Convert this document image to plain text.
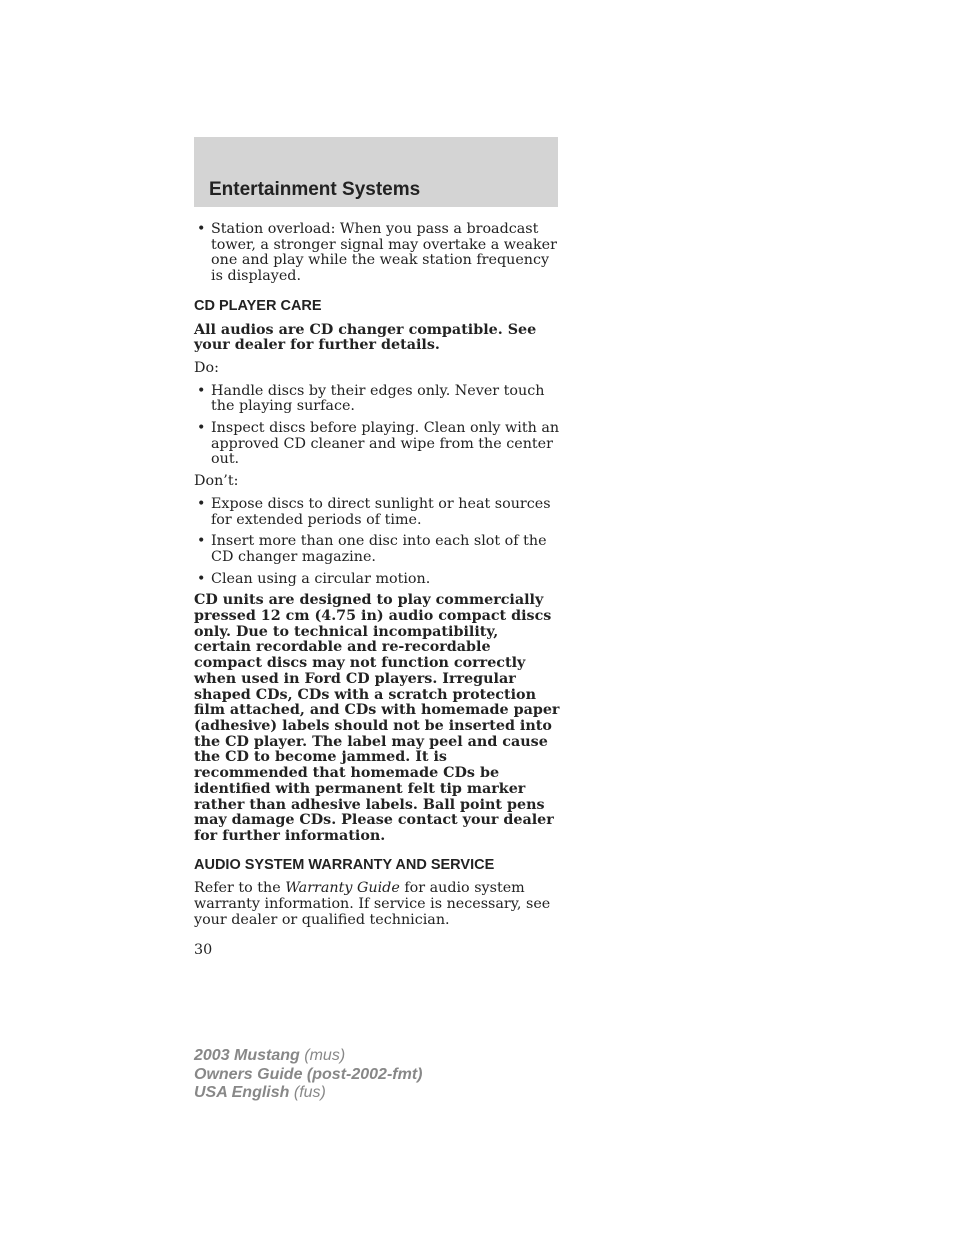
Entertainment Systems
• Station overload: When you pass a broadcast tower, a stronger signal may overtake a weaker one and play while the weak station frequency is displayed.
CD PLAYER CARE

All audios are CD changer compatible. See your dealer for further details.

Do:

• Handle discs by their edges only. Never touch the playing surface.
• Inspect discs before playing. Clean only with an approved CD cleaner and wipe from the center out.

Don’t:

• Expose discs to direct sunlight or heat sources for extended periods of time.
• Insert more than one disc into each slot of the CD changer magazine.
• Clean using a circular motion.

CD units are designed to play commercially pressed 12 cm (4.75 in) audio compact discs only. Due to technical incompatibility, certain recordable and re-recordable compact discs may not function correctly when used in Ford CD players. Irregular shaped CDs, CDs with a scratch protection film attached, and CDs with homemade paper (adhesive) labels should not be inserted into the CD player. The label may peel and cause the CD to become jammed. It is recommended that homemade CDs be identified with permanent felt tip marker rather than adhesive labels. Ball point pens may damage CDs. Please contact your dealer for further information.

AUDIO SYSTEM WARRANTY AND SERVICE

Refer to the Warranty Guide for audio system warranty information. If service is necessary, see your dealer or qualified technician.

30

2003 Mustang (mus)
Owners Guide (post-2002-fmt)
USA English (fus)
